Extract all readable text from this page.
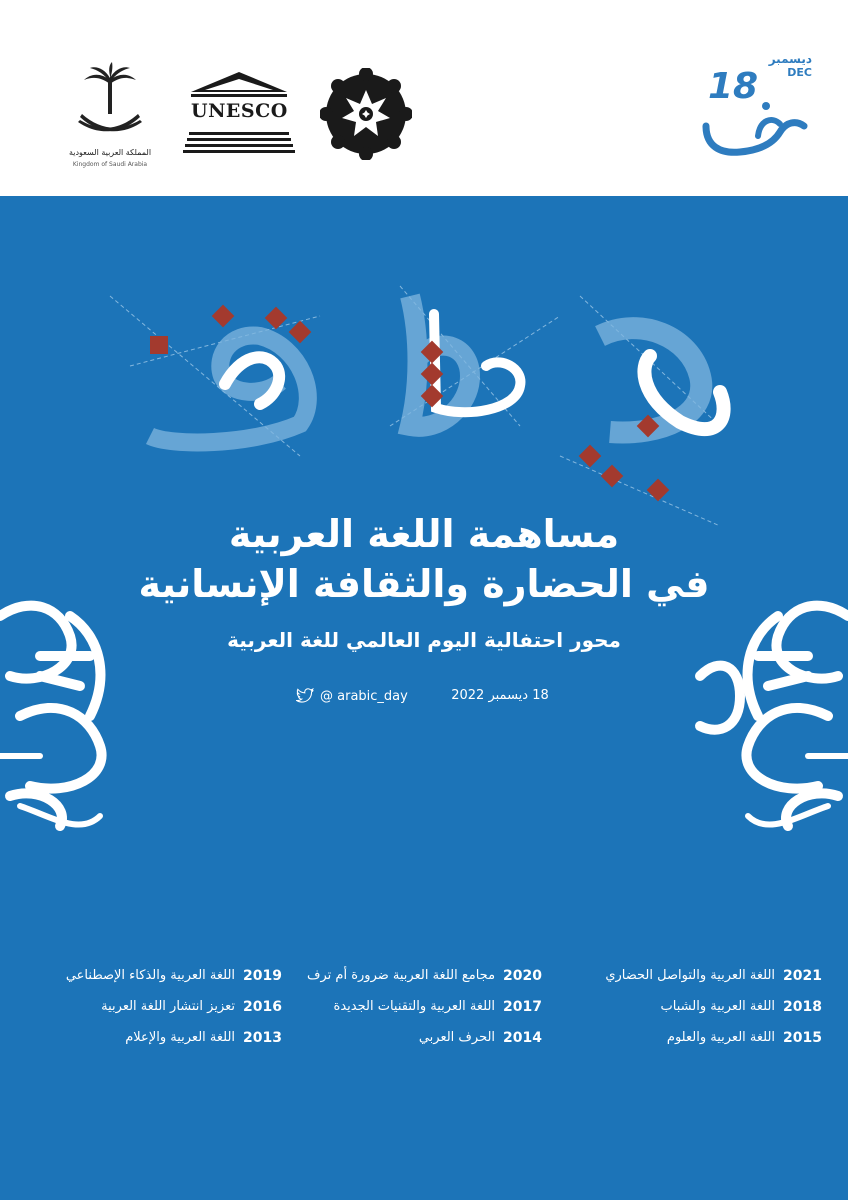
المملكة العربية السعودية
Kingdom of Saudi Arabia
UNESCO
ديسمبر
DEC
18
مساهمة اللغة العربية
في الحضارة والثقافة الإنسانية
محور احتفالية اليوم العالمي للغة العربية
18 ديسمبر 2022
@ arabic_day
2021
اللغة العربية والتواصل الحضاري
2018
اللغة العربية والشباب
2015
اللغة العربية والعلوم
2020
مجامع اللغة العربية ضرورة أم ترف
2017
اللغة العربية والتقنيات الجديدة
2014
الحرف العربي
2019
اللغة العربية والذكاء الإصطناعي
2016
تعزيز انتشار اللغة العربية
2013
اللغة العربية والإعلام
